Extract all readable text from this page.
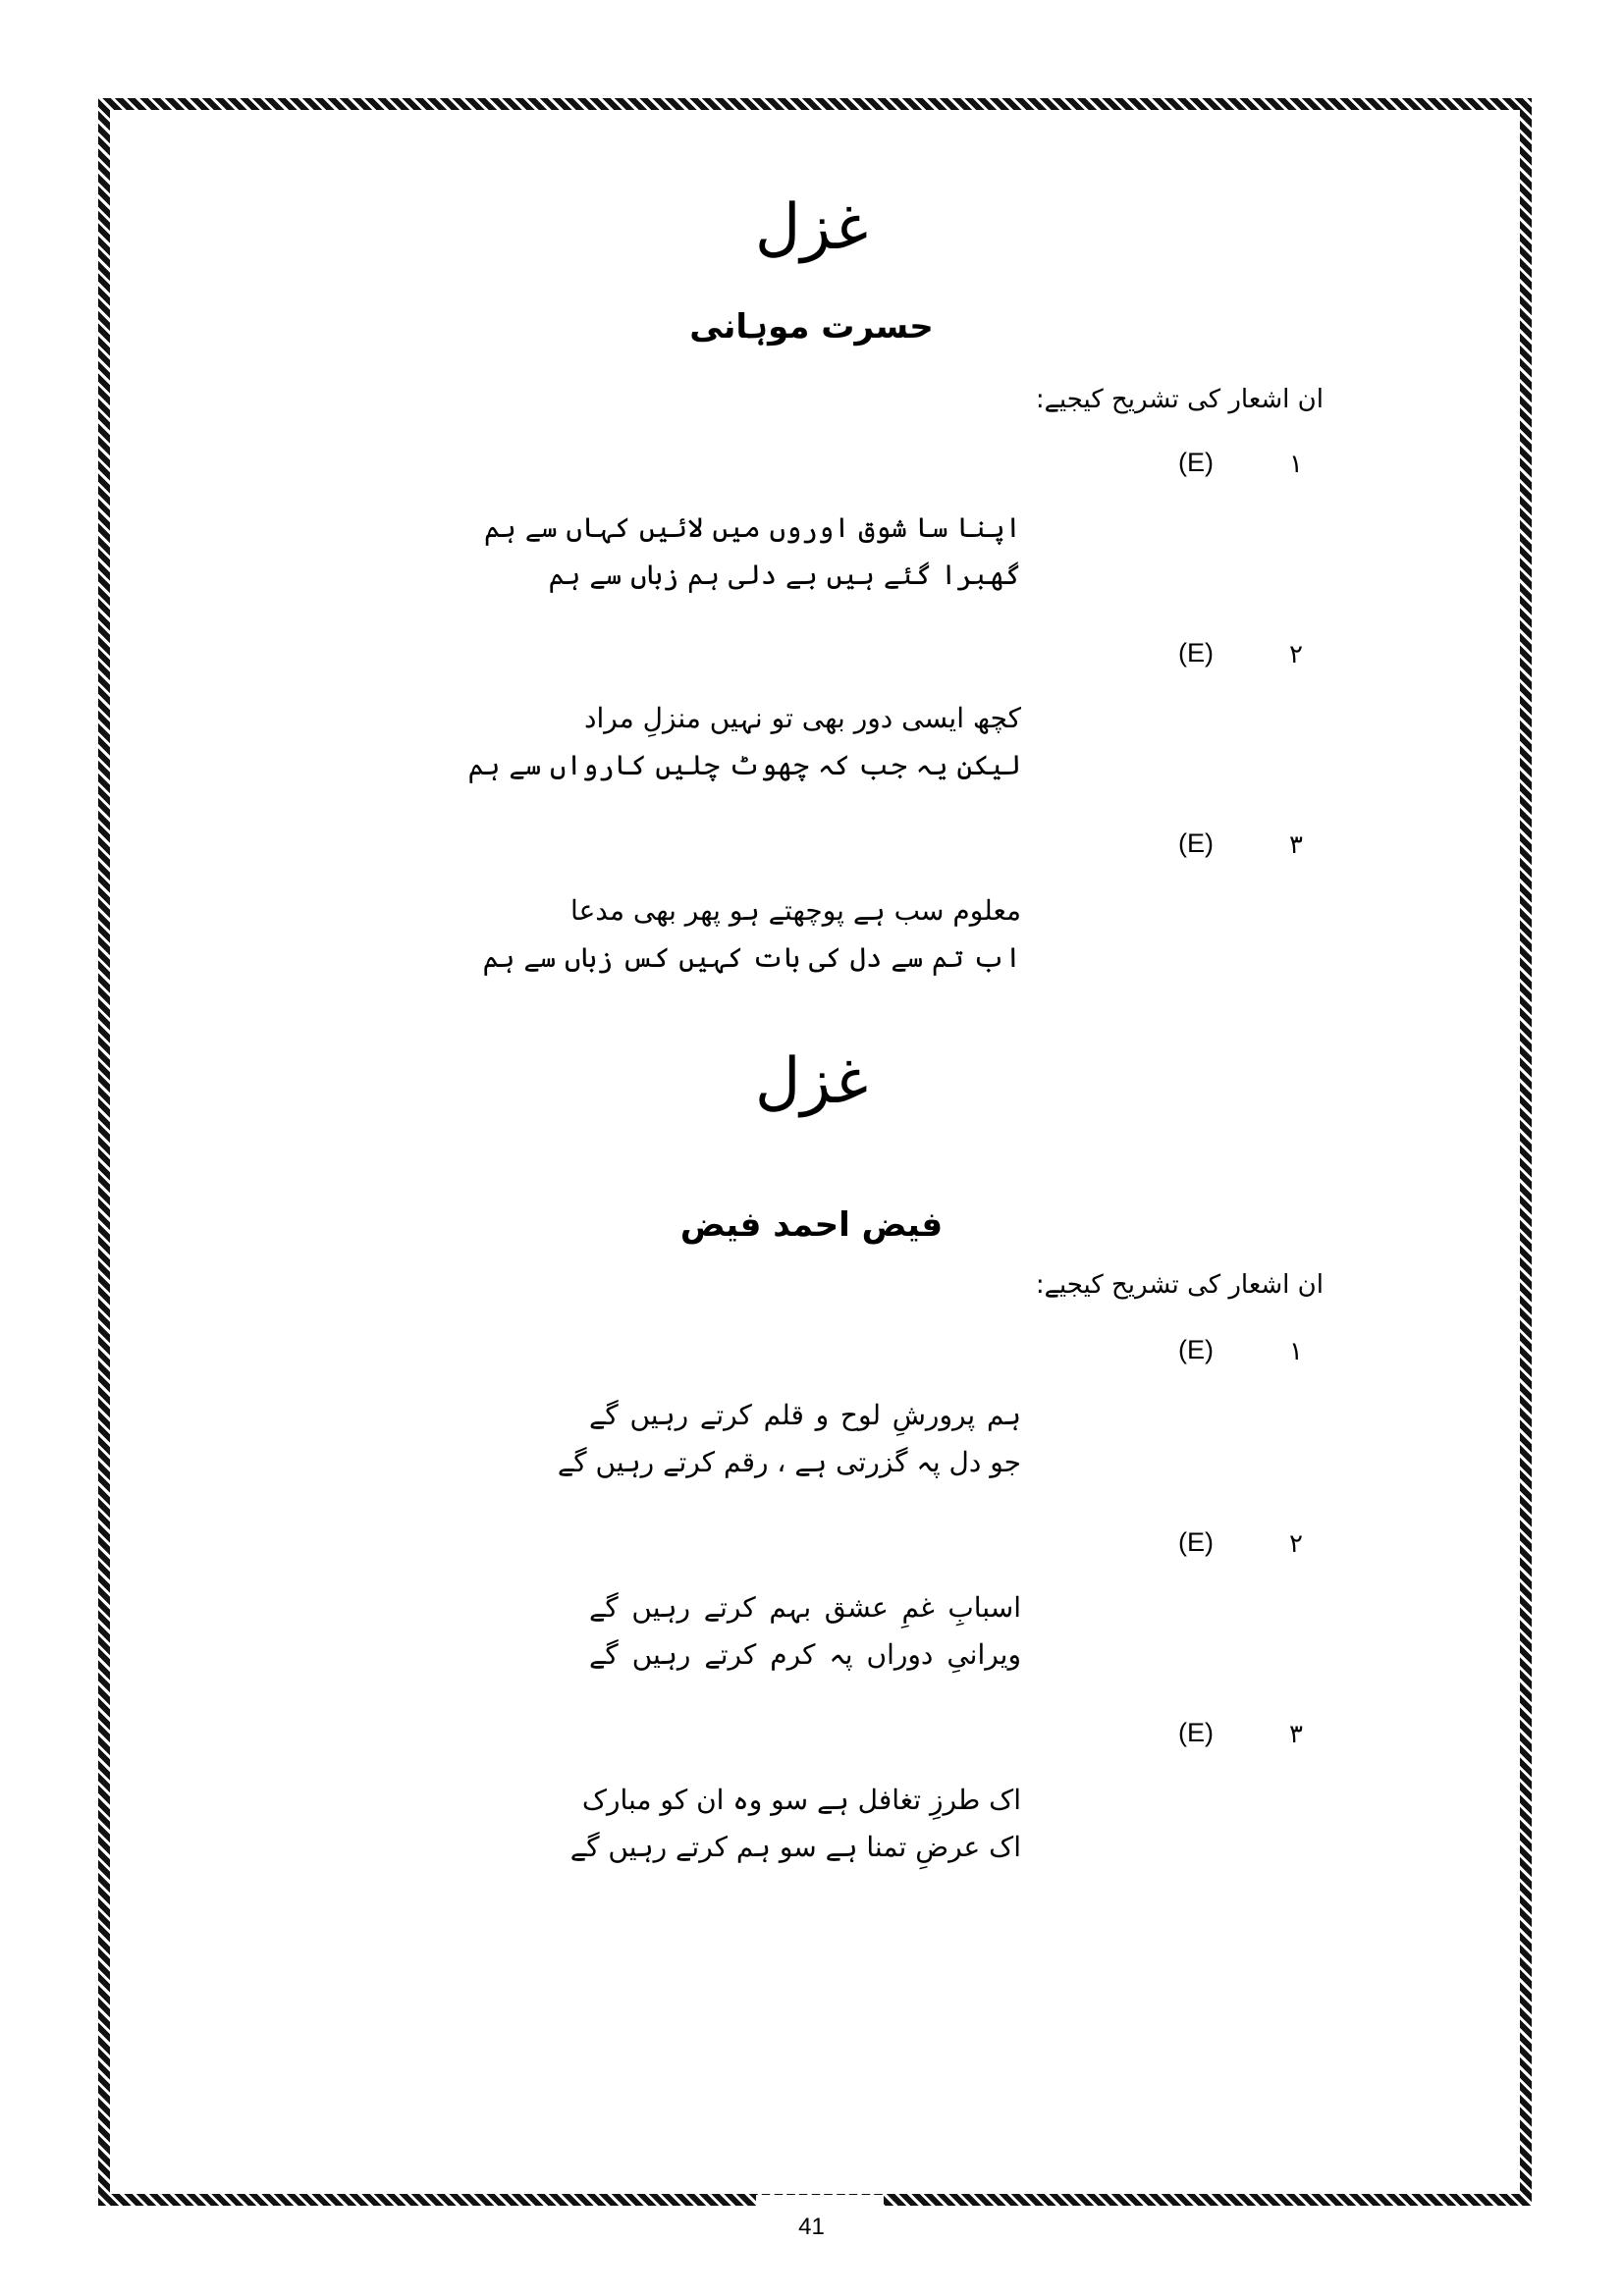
غزل
حسرت موہانی
ان اشعار کی تشریح کیجیے:
۱
(E)
اپنا سا شوق اوروں میں لائیں کہاں سے ہم
گھبرا گئے ہیں بے دلی ہم زباں سے ہم
۲
(E)
کچھ ایسی دور بھی تو نہیں منزلِ مراد
لیکن یہ جب کہ چھوٹ چلیں کارواں سے ہم
۳
(E)
معلوم سب ہے پوچھتے ہو پھر بھی مدعا
اب تم سے دل کی بات کہیں کس زباں سے ہم
غزل
فیض احمد فیض
ان اشعار کی تشریح کیجیے:
۱
(E)
ہم پرورشِ لوح و قلم کرتے رہیں گے
جو دل پہ گزرتی ہے ، رقم کرتے رہیں گے
۲
(E)
اسبابِ غمِ عشق بہم کرتے رہیں گے
ویرانیِ دوراں پہ کرم کرتے رہیں گے
۳
(E)
اک طرزِ تغافل ہے سو وہ ان کو مبارک
اک عرضِ تمنا ہے سو ہم کرتے رہیں گے
41
